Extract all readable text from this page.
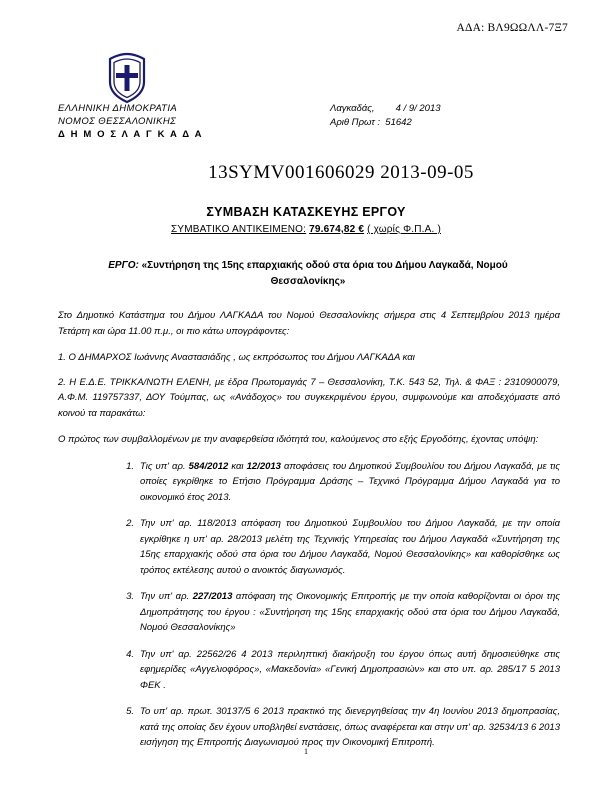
ΑΔΑ: ΒΛ9ΩΩΛΛ-7Ξ7
ΕΛΛΗΝΙΚΗ ΔΗΜΟΚΡΑΤΙΑ
ΝΟΜΟΣ ΘΕΣΣΑΛΟΝΙΚΗΣ
Δ Η Μ Ο Σ Λ Α Γ Κ Α Δ Α
Λαγκαδάς,        4 / 9/ 2013
Αριθ Πρωτ :  51642
13SYMV001606029 2013-09-05
ΣΥΜΒΑΣΗ ΚΑΤΑΣΚΕΥΗΣ ΕΡΓΟΥ
ΣΥΜΒΑΤΙΚΟ ΑΝΤΙΚΕΙΜΕΝΟ: 79.674,82 € ( χωρίς Φ.Π.Α. )
ΕΡΓΟ: «Συντήρηση της 15ης επαρχιακής οδού στα όρια του Δήμου Λαγκαδά, Νομού Θεσσαλονίκης»
Στο Δημοτικό Κατάστημα του Δήμου ΛΑΓΚΑΔΑ του Νομού Θεσσαλονίκης σήμερα στις 4 Σεπτεμβρίου 2013 ημέρα Τετάρτη και ώρα 11.00 π.μ., οι πιο κάτω υπογράφοντες:
1. Ο ΔΗΜΑΡΧΟΣ Ιωάννης Αναστασιάδης , ως εκπρόσωπος του Δήμου ΛΑΓΚΑΔΑ και
2. Η Ε.Δ.Ε. ΤΡΙΚΚΑ/ΝΩΤΗ ΕΛΕΝΗ, με έδρα Πρωτομαγιάς 7 – Θεσσαλονίκη, Τ.Κ. 543 52, Τηλ. & ΦΑΞ : 2310900079, Α.Φ.Μ. 119757337, ΔΟΥ Τούμπας, ως «Ανάδοχος» του συγκεκριμένου έργου, συμφωνούμε και αποδεχόμαστε από κοινού τα παρακάτω:
Ο πρώτος των συμβαλλομένων με την αναφερθείσα ιδιότητά του, καλούμενος στο εξής Εργοδότης, έχοντας υπόψη:
1. Τις υπ' αρ. 584/2012 και 12/2013 αποφάσεις του Δημοτικού Συμβουλίου του Δήμου Λαγκαδά, με τις οποίες εγκρίθηκε το Ετήσιο Πρόγραμμα Δράσης – Τεχνικό Πρόγραμμα Δήμου Λαγκαδά για το οικονομικό έτος 2013.
2. Την υπ' αρ. 118/2013 απόφαση του Δημοτικού Συμβουλίου του Δήμου Λαγκαδά, με την οποία εγκρίθηκε η υπ' αρ. 28/2013 μελέτη της Τεχνικής Υπηρεσίας του Δήμου Λαγκαδά «Συντήρηση της 15ης επαρχιακής οδού στα όρια του Δήμου Λαγκαδά, Νομού Θεσσαλονίκης» και καθορίσθηκε ως τρόπος εκτέλεσης αυτού ο ανοικτός διαγωνισμός.
3. Την υπ' αρ. 227/2013 απόφαση της Οικονομικής Επιτροπής με την οποία καθορίζονται οι όροι της Δημοπράτησης του έργου : «Συντήρηση της 15ης επαρχιακής οδού στα όρια του Δήμου Λαγκαδά, Νομού Θεσσαλονίκης»
4. Την υπ' αρ. 22562/26 4 2013 περιληπτική διακήρυξη του έργου όπως αυτή δημοσιεύθηκε στις εφημερίδες «Αγγελιοφόρος», «Μακεδονία» «Γενική Δημοπρασιών» και στο υπ. αρ. 285/17 5 2013 ΦΕΚ .
5. Το υπ' αρ. πρωτ. 30137/5 6 2013 πρακτικό της διενεργηθείσας την 4η Ιουνίου 2013 δημοπρασίας, κατά της οποίας δεν έχουν υποβληθεί ενστάσεις, όπως αναφέρεται και στην υπ' αρ. 32534/13 6 2013 εισήγηση της Επιτροπής Διαγωνισμού προς την Οικονομική Επιτροπή.
1
